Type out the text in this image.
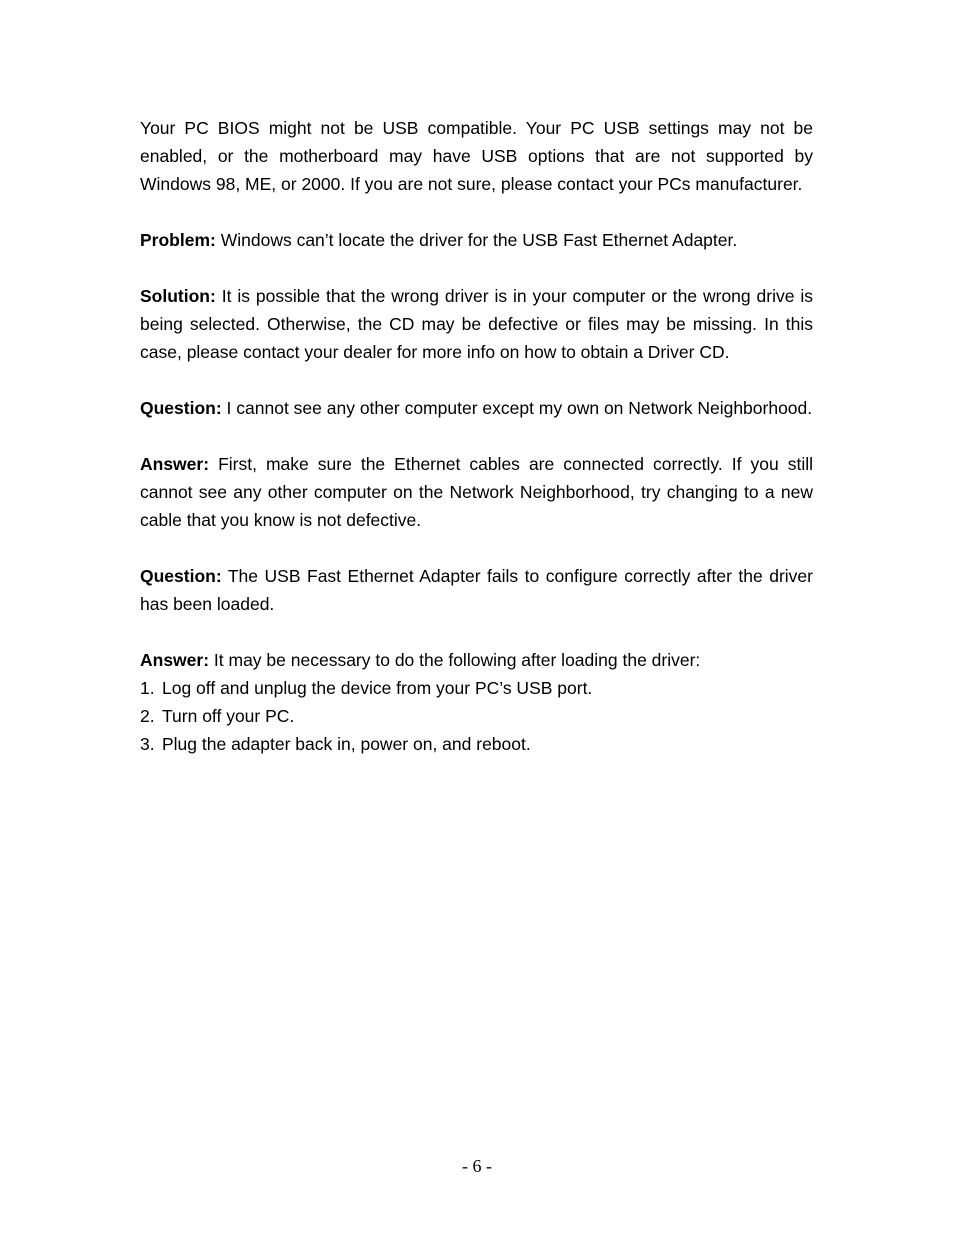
Your PC BIOS might not be USB compatible. Your PC USB settings may not be enabled, or the motherboard may have USB options that are not supported by Windows 98, ME, or 2000. If you are not sure, please contact your PCs manufacturer.

Problem: Windows can’t locate the driver for the USB Fast Ethernet Adapter.

Solution: It is possible that the wrong driver is in your computer or the wrong drive is being selected. Otherwise, the CD may be defective or files may be missing. In this case, please contact your dealer for more info on how to obtain a Driver CD.

Question: I cannot see any other computer except my own on Network Neighborhood.

Answer: First, make sure the Ethernet cables are connected correctly. If you still cannot see any other computer on the Network Neighborhood, try changing to a new cable that you know is not defective.

Question: The USB Fast Ethernet Adapter fails to configure correctly after the driver has been loaded.

Answer: It may be necessary to do the following after loading the driver:

1. Log off and unplug the device from your PC’s USB port.
2. Turn off your PC.
3. Plug the adapter back in, power on, and reboot.
- 6 -
